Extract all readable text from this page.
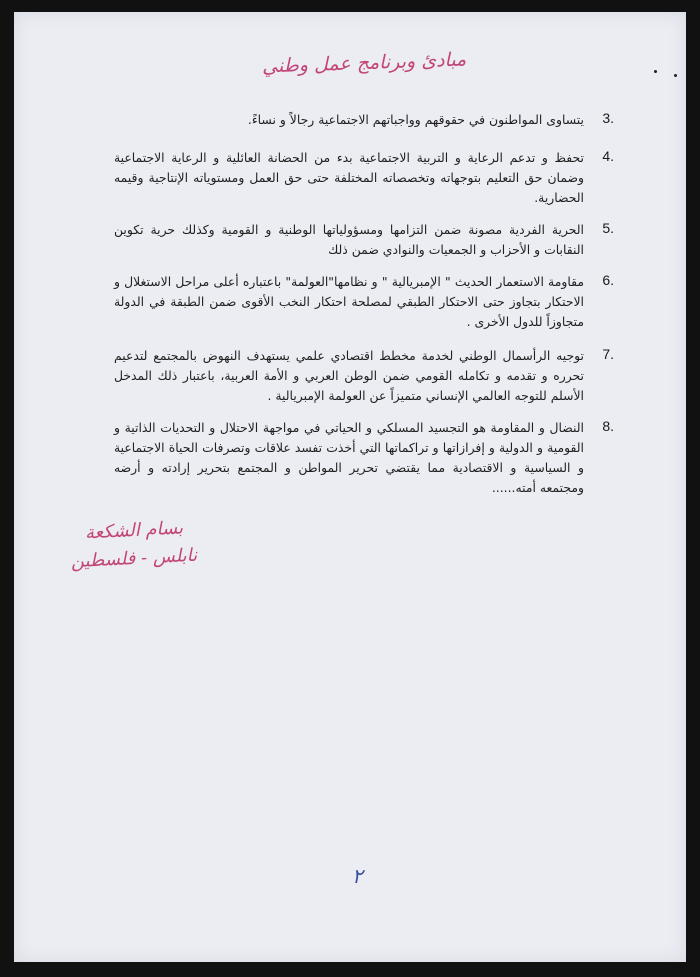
مبادئ وبرنامج عمل وطني
3.
يتساوى المواطنون في حقوقهم وواجباتهم الاجتماعية رجالاً و نساءً.
4.
تحفظ و تدعم الرعاية و التربية الاجتماعية بدء من الحضانة العائلية و الرعاية الاجتماعية وضمان حق التعليم بتوجهاته وتخصصاته المختلفة حتى حق العمل ومستوياته الإنتاجية وقيمه الحضارية.
5.
الحرية الفردية مصونة ضمن التزامها ومسؤولياتها الوطنية و القومية وكذلك حرية تكوين النقابات و الأحزاب و الجمعيات والنوادي ضمن ذلك
6.
مقاومة الاستعمار الحديث " الإمبريالية " و نظامها"العولمة" باعتباره أعلى مراحل الاستغلال و الاحتكار بتجاوز حتى الاحتكار الطبقي لمصلحة احتكار النخب الأقوى ضمن الطبقة في الدولة متجاوزاً للدول الأخرى .
7.
توجيه الرأسمال الوطني لخدمة مخطط اقتصادي علمي يستهدف النهوض بالمجتمع لتدعيم تحرره و تقدمه و تكامله القومي ضمن الوطن العربي و الأمة العربية، باعتبار ذلك المدخل الأسلم للتوجه العالمي الإنساني متميزاً عن العولمة الإمبريالية .
8.
النضال و المقاومة هو التجسيد المسلكي و الحياتي في مواجهة الاحتلال و التحديات الذاتية و القومية و الدولية و إفرازاتها و تراكماتها التي أخذت تفسد علاقات وتصرفات الحياة الاجتماعية و السياسية و الاقتصادية مما يقتضي تحرير المواطن و المجتمع بتحرير إرادته و أرضه ومجتمعه أمته......
بسام الشكعة
نابلس - فلسطين
٢
